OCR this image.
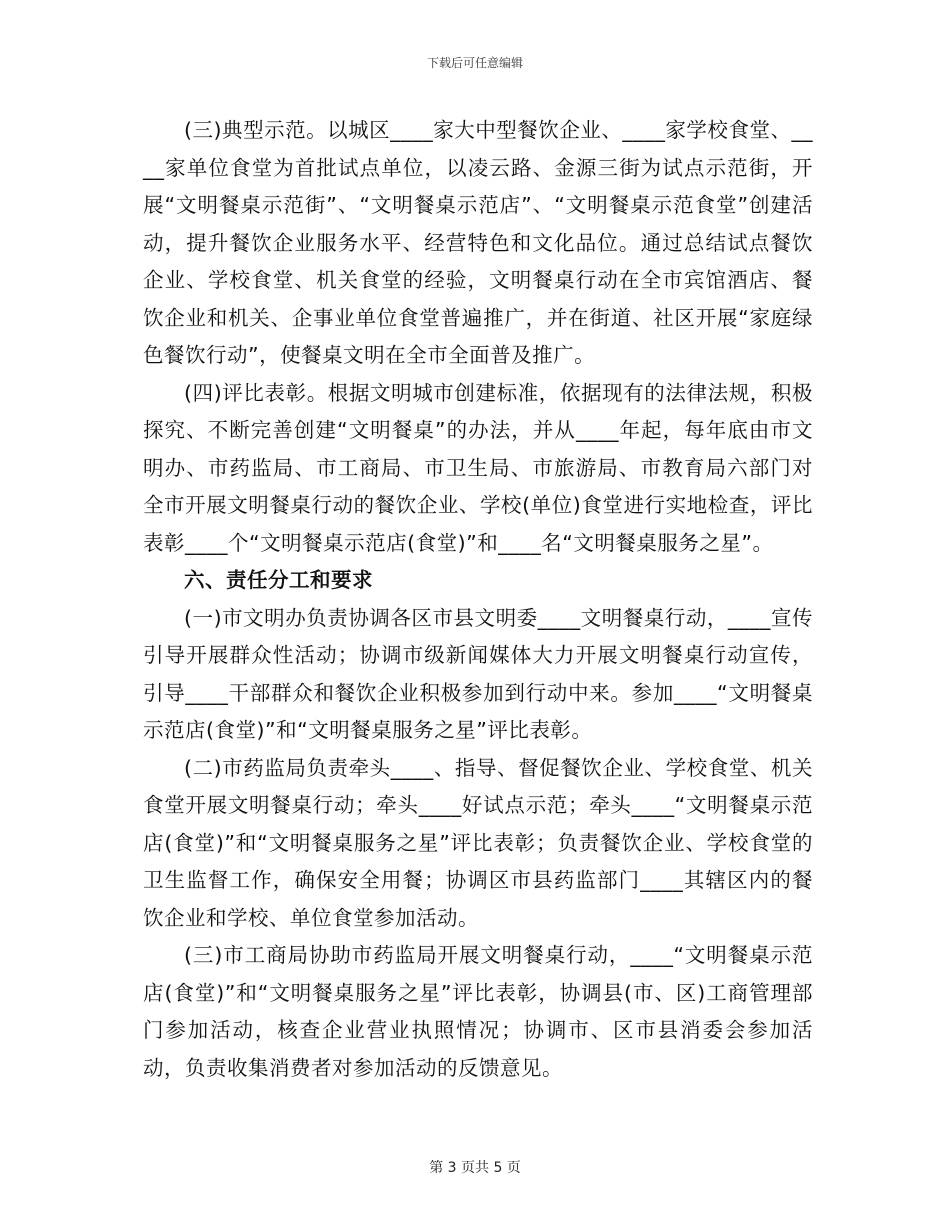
下载后可任意编辑

(三)典型示范。以城区____家大中型餐饮企业、____家学校食堂、____家单位食堂为首批试点单位，以凌云路、金源三街为试点示范街，开展“文明餐桌示范街”、“文明餐桌示范店”、“文明餐桌示范食堂”创建活动，提升餐饮企业服务水平、经营特色和文化品位。通过总结试点餐饮企业、学校食堂、机关食堂的经验，文明餐桌行动在全市宾馆酒店、餐饮企业和机关、企事业单位食堂普遍推广，并在街道、社区开展“家庭绿色餐饮行动”，使餐桌文明在全市全面普及推广。

(四)评比表彰。根据文明城市创建标准，依据现有的法律法规，积极探究、不断完善创建“文明餐桌”的办法，并从____年起，每年底由市文明办、市药监局、市工商局、市卫生局、市旅游局、市教育局六部门对全市开展文明餐桌行动的餐饮企业、学校(单位)食堂进行实地检查，评比表彰____个“文明餐桌示范店(食堂)”和____名“文明餐桌服务之星”。

六、责任分工和要求

(一)市文明办负责协调各区市县文明委____文明餐桌行动，____宣传引导开展群众性活动；协调市级新闻媒体大力开展文明餐桌行动宣传，引导____干部群众和餐饮企业积极参加到行动中来。参加____“文明餐桌示范店(食堂)”和“文明餐桌服务之星”评比表彰。

(二)市药监局负责牵头____、指导、督促餐饮企业、学校食堂、机关食堂开展文明餐桌行动；牵头____好试点示范；牵头____“文明餐桌示范店(食堂)”和“文明餐桌服务之星”评比表彰；负责餐饮企业、学校食堂的卫生监督工作，确保安全用餐；协调区市县药监部门____其辖区内的餐饮企业和学校、单位食堂参加活动。

(三)市工商局协助市药监局开展文明餐桌行动，____“文明餐桌示范店(食堂)”和“文明餐桌服务之星”评比表彰，协调县(市、区)工商管理部门参加活动，核查企业营业执照情况；协调市、区市县消委会参加活动，负责收集消费者对参加活动的反馈意见。

第 3 页共 5 页
